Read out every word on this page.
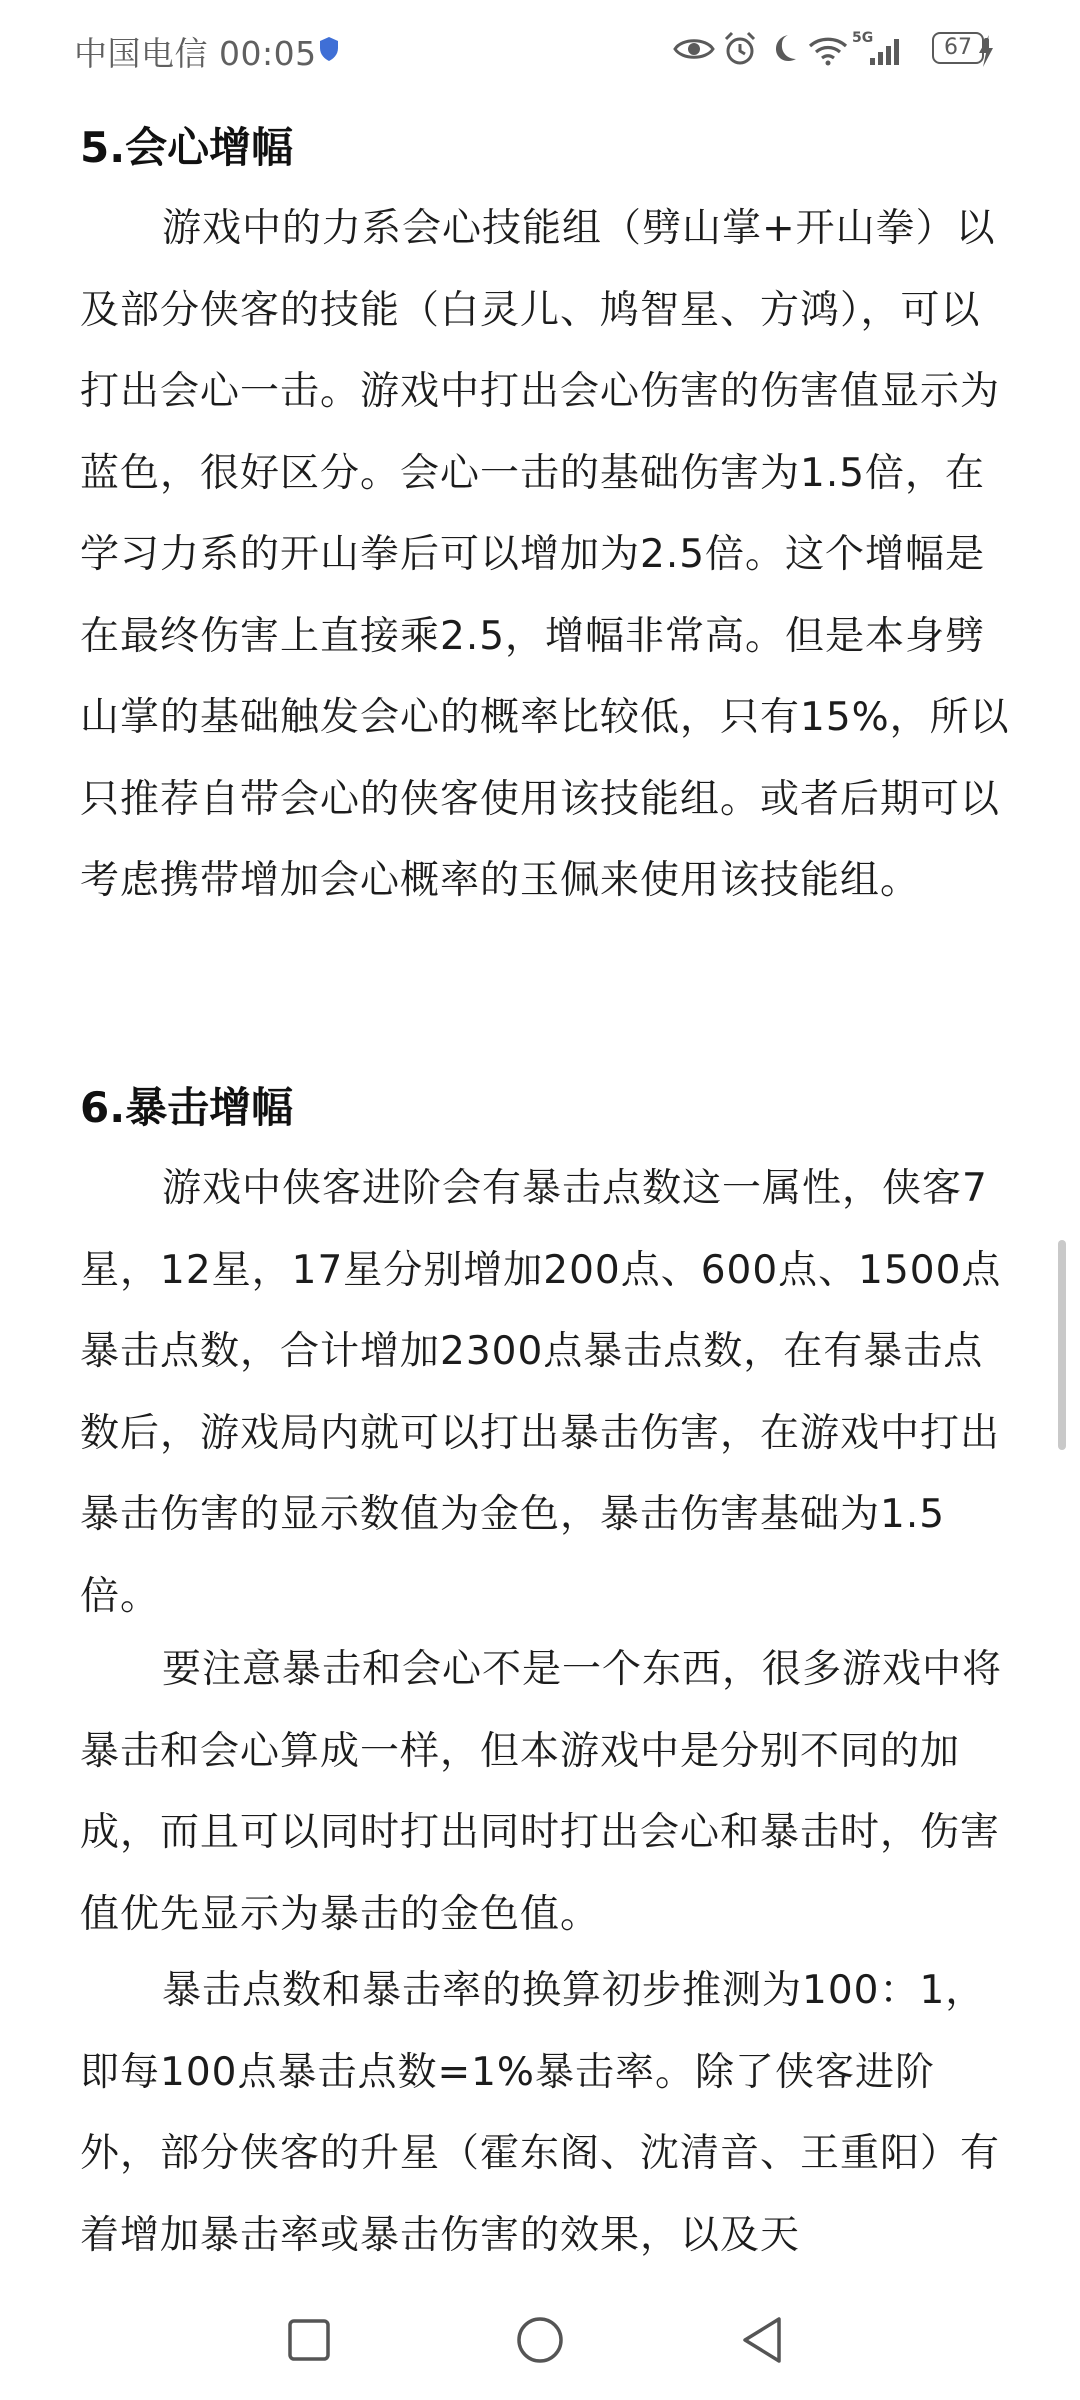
中国电信 00:05	5G	67
5.会心增幅

游戏中的力系会心技能组（劈山掌+开山拳）以及部分侠客的技能（白灵儿、鸠智星、方鸿），可以打出会心一击。游戏中打出会心伤害的伤害值显示为蓝色，很好区分。会心一击的基础伤害为1.5倍，在学习力系的开山拳后可以增加为2.5倍。这个增幅是在最终伤害上直接乘2.5，增幅非常高。但是本身劈山掌的基础触发会心的概率比较低，只有15%，所以只推荐自带会心的侠客使用该技能组。或者后期可以考虑携带增加会心概率的玉佩来使用该技能组。

6.暴击增幅

游戏中侠客进阶会有暴击点数这一属性，侠客7星，12星，17星分别增加200点、600点、1500点暴击点数，合计增加2300点暴击点数，在有暴击点数后，游戏局内就可以打出暴击伤害，在游戏中打出暴击伤害的显示数值为金色，暴击伤害基础为1.5倍。

要注意暴击和会心不是一个东西，很多游戏中将暴击和会心算成一样，但本游戏中是分别不同的加成，而且可以同时打出同时打出会心和暴击时，伤害值优先显示为暴击的金色值。

暴击点数和暴击率的换算初步推测为100：1，即每100点暴击点数=1%暴击率。除了侠客进阶外，部分侠客的升星（霍东阁、沈清音、王重阳）有着增加暴击率或暴击伤害的效果，以及天
